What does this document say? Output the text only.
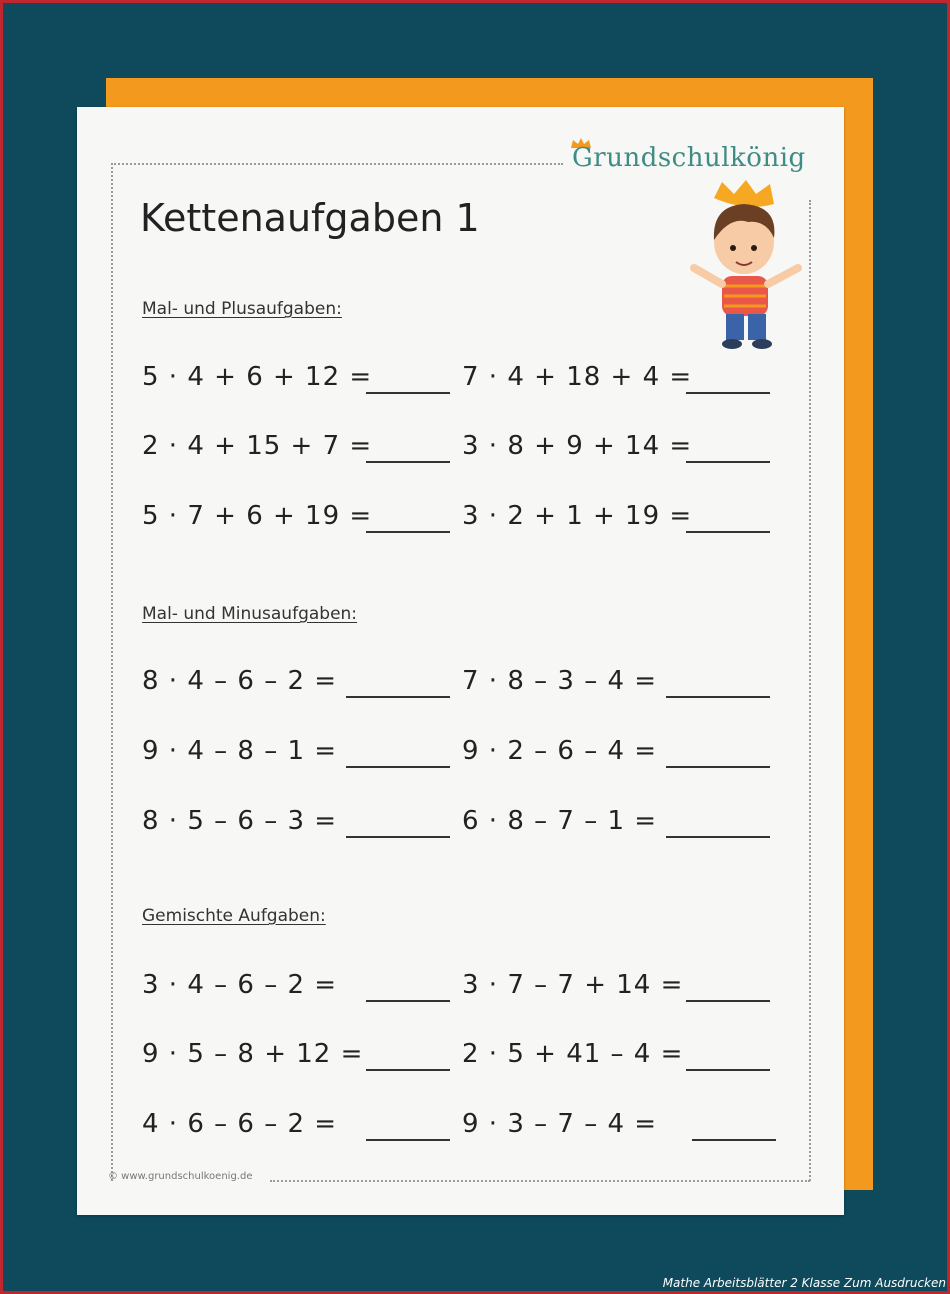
Grundschulkönig
Kettenaufgaben 1
Mal- und Plusaufgaben:
5 · 4 + 6 + 12 =	7 · 4 + 18 + 4 =
2 · 4 + 15 + 7 =	3 · 8 + 9 + 14 =
5 · 7 + 6 + 19 =	3 · 2 + 1 + 19 =
Mal- und Minusaufgaben:
8 · 4 – 6 – 2 =	7 · 8 – 3 – 4 =
9 · 4 – 8 – 1 =	9 · 2 – 6 – 4 =
8 · 5 – 6 – 3 =	6 · 8 – 7 – 1 =
Gemischte Aufgaben:
3 · 4 – 6 – 2 =	3 · 7 – 7 + 14 =
9 · 5 – 8 + 12 =	2 · 5 + 41 – 4 =
4 · 6 – 6 – 2 =	9 · 3 – 7 – 4 =
© www.grundschulkoenig.de
Mathe Arbeitsblätter 2 Klasse Zum Ausdrucken
